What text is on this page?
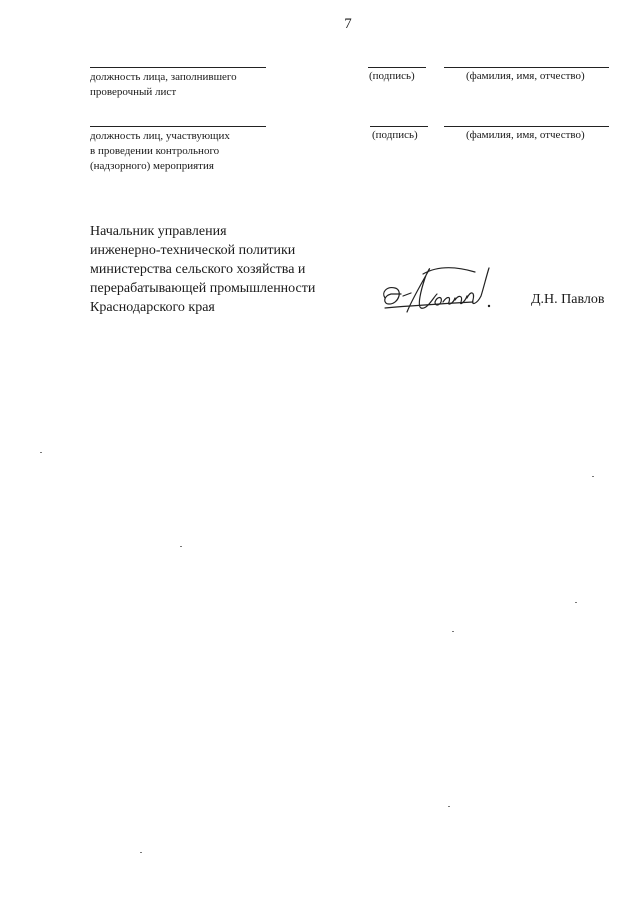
7
должность лица, заполнившего
проверочный лист
(подпись)	(фамилия, имя, отчество)
должность лиц, участвующих
в проведении контрольного
(надзорного) мероприятия
(подпись)	(фамилия, имя, отчество)
Начальник управления
инженерно-технической политики
министерства сельского хозяйства и
перерабатывающей промышленности
Краснодарского края
Д.Н. Павлов
